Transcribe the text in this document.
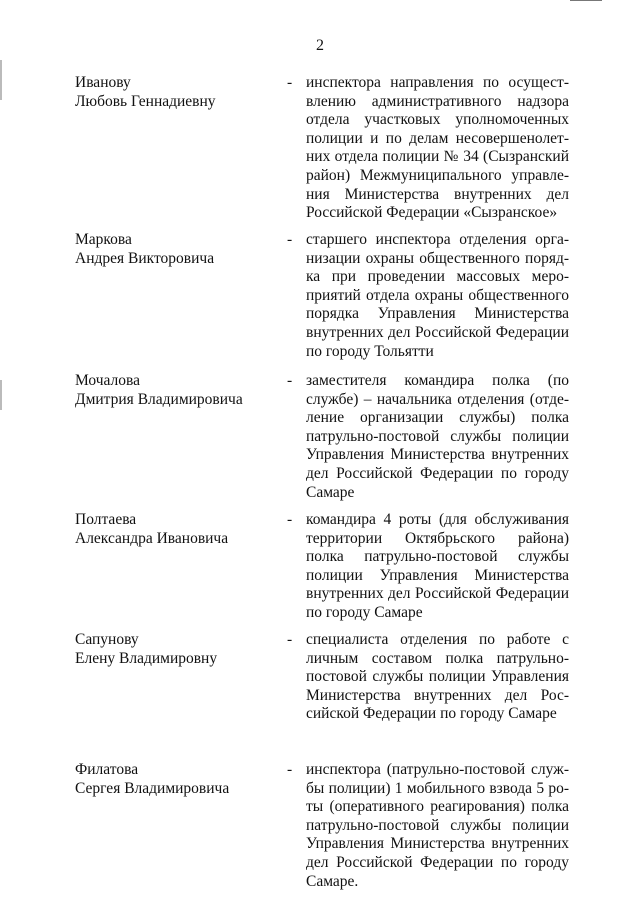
2
Иванову
Любовь Геннадиевну
- инспектора направления по осущест-
влению административного надзора
отдела участковых уполномоченных
полиции и по делам несовершенолет-
них отдела полиции № 34 (Сызранский
район) Межмуниципального управле-
ния Министерства внутренних дел
Российской Федерации «Сызранское»
Маркова
Андрея Викторовича
- старшего инспектора отделения орга-
низации охраны общественного поряд-
ка при проведении массовых меро-
приятий отдела охраны общественного
порядка Управления Министерства
внутренних дел Российской Федерации
по городу Тольятти
Мочалова
Дмитрия Владимировича
- заместителя командира полка (по
службе) – начальника отделения (отде-
ление организации службы) полка
патрульно-постовой службы полиции
Управления Министерства внутренних
дел Российской Федерации по городу
Самаре
Полтаева
Александра Ивановича
- командира 4 роты (для обслуживания
территории Октябрьского района)
полка патрульно-постовой службы
полиции Управления Министерства
внутренних дел Российской Федерации
по городу Самаре
Сапунову
Елену Владимировну
- специалиста отделения по работе с
личным составом полка патрульно-
постовой службы полиции Управления
Министерства внутренних дел Рос-
сийской Федерации по городу Самаре
Филатова
Сергея Владимировича
- инспектора (патрульно-постовой служ-
бы полиции) 1 мобильного взвода 5 ро-
ты (оперативного реагирования) полка
патрульно-постовой службы полиции
Управления Министерства внутренних
дел Российской Федерации по городу
Самаре.
